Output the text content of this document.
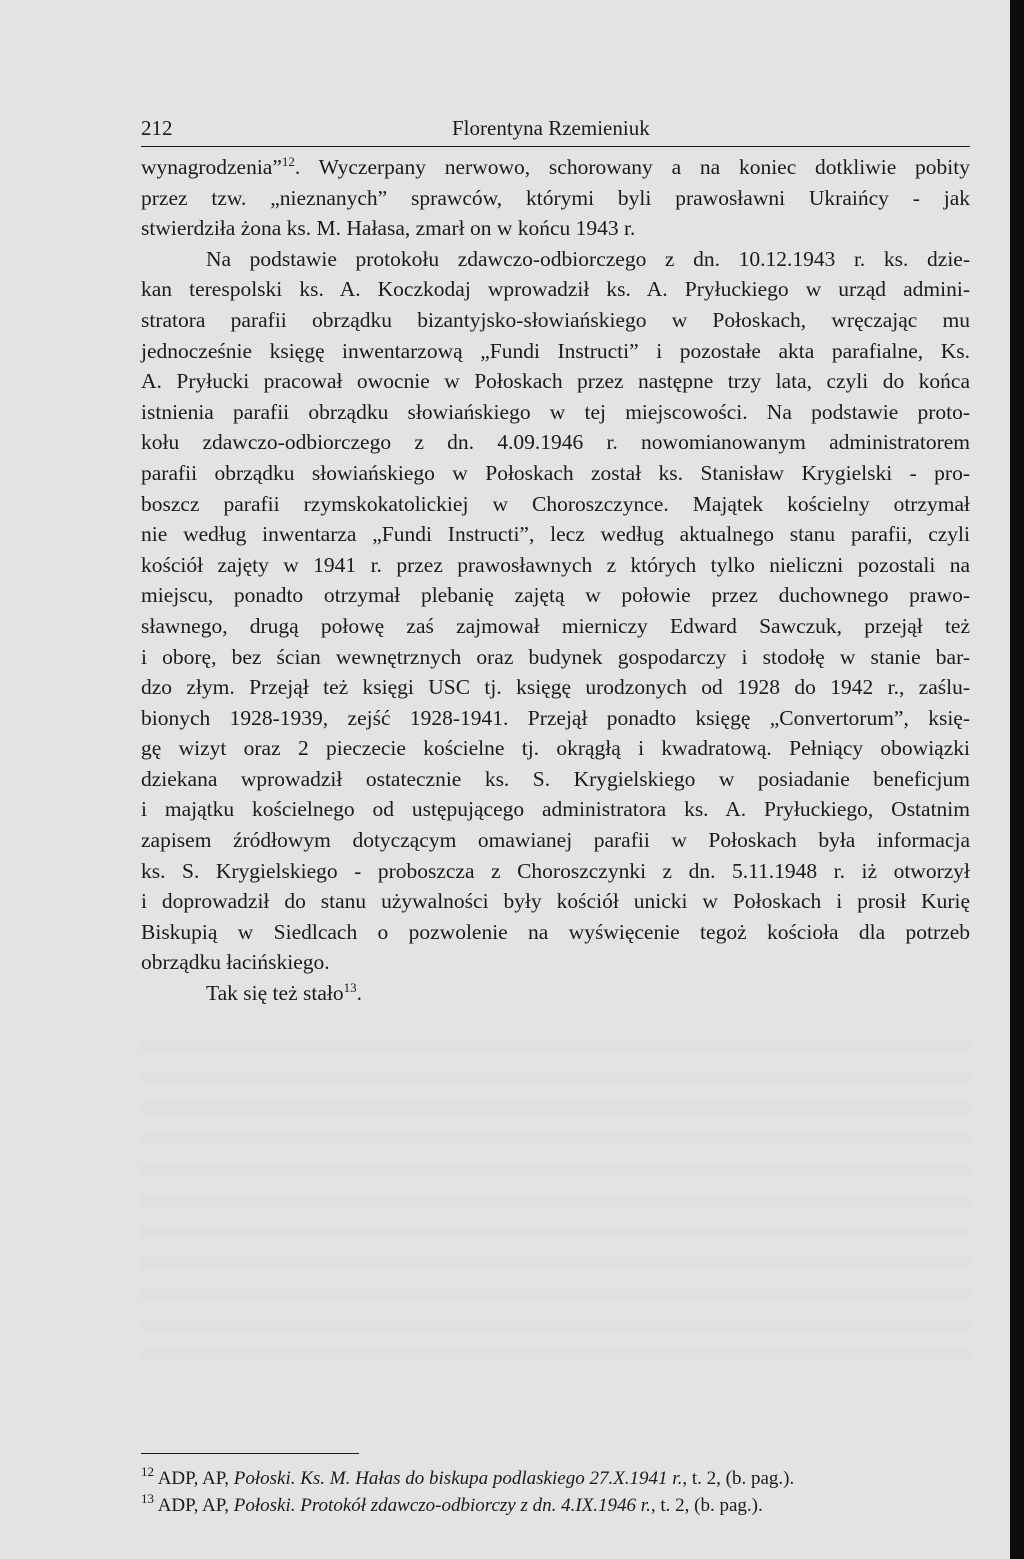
212	Florentyna Rzemieniuk
wynagrodzenia”$^{12}$. Wyczerpany nerwowo, schorowany a na koniec dotkliwie pobity
przez tzw. „nieznanych” sprawców, którymi byli prawosławni Ukraińcy - jak
stwierdziła żona ks. M. Hałasa, zmarł on w końcu 1943 r.
Na podstawie protokołu zdawczo-odbiorczego z dn. 10.12.1943 r. ks. dzie-
kan terespolski ks. A. Koczkodaj wprowadził ks. A. Pryłuckiego w urząd admini-
stratora parafii obrządku bizantyjsko-słowiańskiego w Połoskach, wręczając mu
jednocześnie księgę inwentarzową „Fundi Instructi” i pozostałe akta parafialne, Ks.
A. Pryłucki pracował owocnie w Połoskach przez następne trzy lata, czyli do końca
istnienia parafii obrządku słowiańskiego w tej miejscowości. Na podstawie proto-
kołu zdawczo-odbiorczego z dn. 4.09.1946 r. nowomianowanym administratorem
parafii obrządku słowiańskiego w Połoskach został ks. Stanisław Krygielski - pro-
boszcz parafii rzymskokatolickiej w Choroszczynce. Majątek kościelny otrzymał
nie według inwentarza „Fundi Instructi”, lecz według aktualnego stanu parafii, czyli
kościół zajęty w 1941 r. przez prawosławnych z których tylko nieliczni pozostali na
miejscu, ponadto otrzymał plebanię zajętą w połowie przez duchownego prawo-
sławnego, drugą połowę zaś zajmował mierniczy Edward Sawczuk, przejął też
i oborę, bez ścian wewnętrznych oraz budynek gospodarczy i stodołę w stanie bar-
dzo złym. Przejął też księgi USC tj. księgę urodzonych od 1928 do 1942 r., zaślu-
bionych 1928-1939, zejść 1928-1941. Przejął ponadto księgę „Convertorum”, księ-
gę wizyt oraz 2 pieczecie kościelne tj. okrągłą i kwadratową. Pełniący obowiązki
dziekana wprowadził ostatecznie ks. S. Krygielskiego w posiadanie beneficjum
i majątku kościelnego od ustępującego administratora ks. A. Pryłuckiego, Ostatnim
zapisem źródłowym dotyczącym omawianej parafii w Połoskach była informacja
ks. S. Krygielskiego - proboszcza z Choroszczynki z dn. 5.11.1948 r. iż otworzył
i doprowadził do stanu używalności były kościół unicki w Połoskach i prosił Kurię
Biskupią w Siedlcach o pozwolenie na wyświęcenie tegoż kościoła dla potrzeb
obrządku łacińskiego.
Tak się też stało$^{13}$.
$^{12}$ ADP, AP, Połoski. Ks. M. Hałas do biskupa podlaskiego 27.X.1941 r., t. 2, (b. pag.).
$^{13}$ ADP, AP, Połoski. Protokół zdawczo-odbiorczy z dn. 4.IX.1946 r., t. 2, (b. pag.).
